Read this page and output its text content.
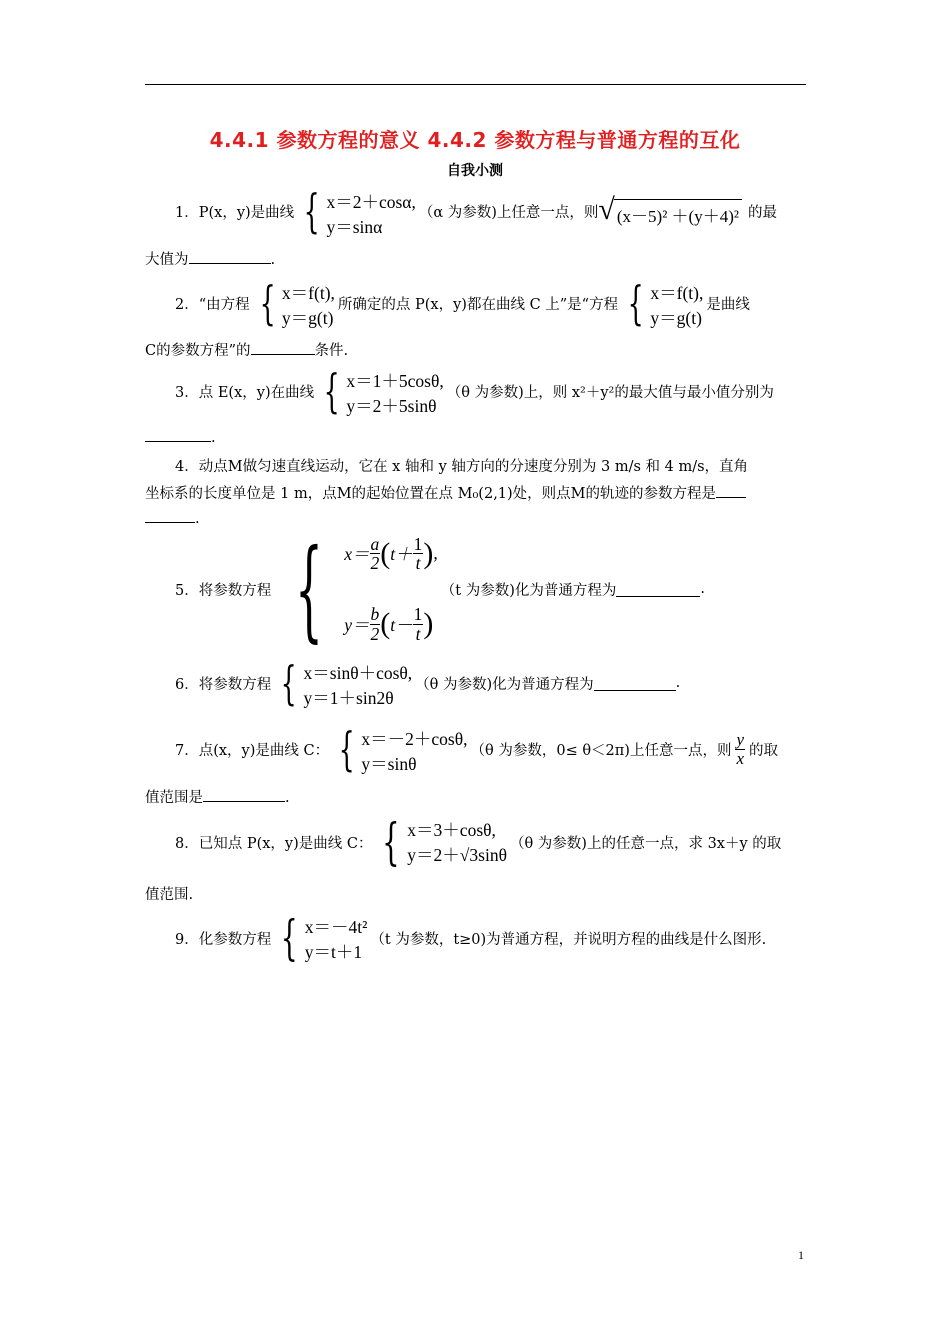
4.4.1 参数方程的意义 4.4.2 参数方程与普通方程的互化
自我小测
1． P(x，y)是曲线 { x＝2＋cosα,
y＝sinα
（α 为参数)上任意一点，则 √ (x－5)² ＋(y＋4)² 的最
大值为	.
2．“由方程 { x＝f(t),
y＝g(t)
所确定的点 P(x，y)都在曲线 C 上”是“方程 { x＝f(t),
y＝g(t)
是曲线
C的参数方程”的	条件.
3．点 E(x，y)在曲线 { x＝1＋5cosθ,
y＝2＋5sinθ
（θ 为参数)上，则 x²＋y²的最大值与最小值分别为
.
4．动点M做匀速直线运动，它在 x 轴和 y 轴方向的分速度分别为 3 m/s 和 4 m/s，直角
坐标系的长度单位是 1 m，点M的起始位置在点 M₀(2,1)处，则点M的轨迹的参数方程是
.
5．将参数方程 { x＝
a
2 ( t＋
1
t ) ,
y＝
b
2 ( t－
1
t )
（t 为参数)化为普通方程为	.
6．将参数方程 { x＝sinθ＋cosθ,
y＝1＋sin2θ
（θ 为参数)化为普通方程为	.
7．点(x，y)是曲线 C： { x＝－2＋cosθ,
y＝sinθ
（θ 为参数，0≤ θ＜2π)上任意一点，则
y
x 的取
值范围是	.
8．已知点 P(x，y)是曲线 C： { x＝3＋cosθ,
y＝2＋√3sinθ
（θ 为参数)上的任意一点，求 3x＋y 的取
值范围.
9．化参数方程 { x＝－4t²
y＝t＋1
（t 为参数，t≥0)为普通方程，并说明方程的曲线是什么图形.
1
